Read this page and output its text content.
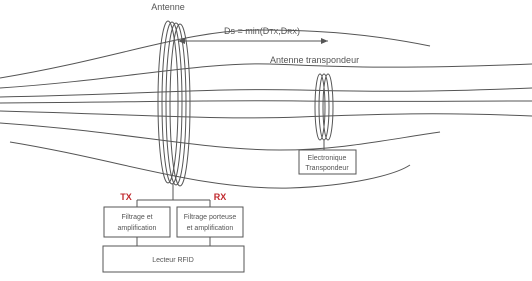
Antenne
Ds = min(DTX,DRX)
Antenne transpondeur
Electronique
Transpondeur
TX	RX
Filtrage et
amplification
Filtrage porteuse
et amplification
Lecteur RFID
